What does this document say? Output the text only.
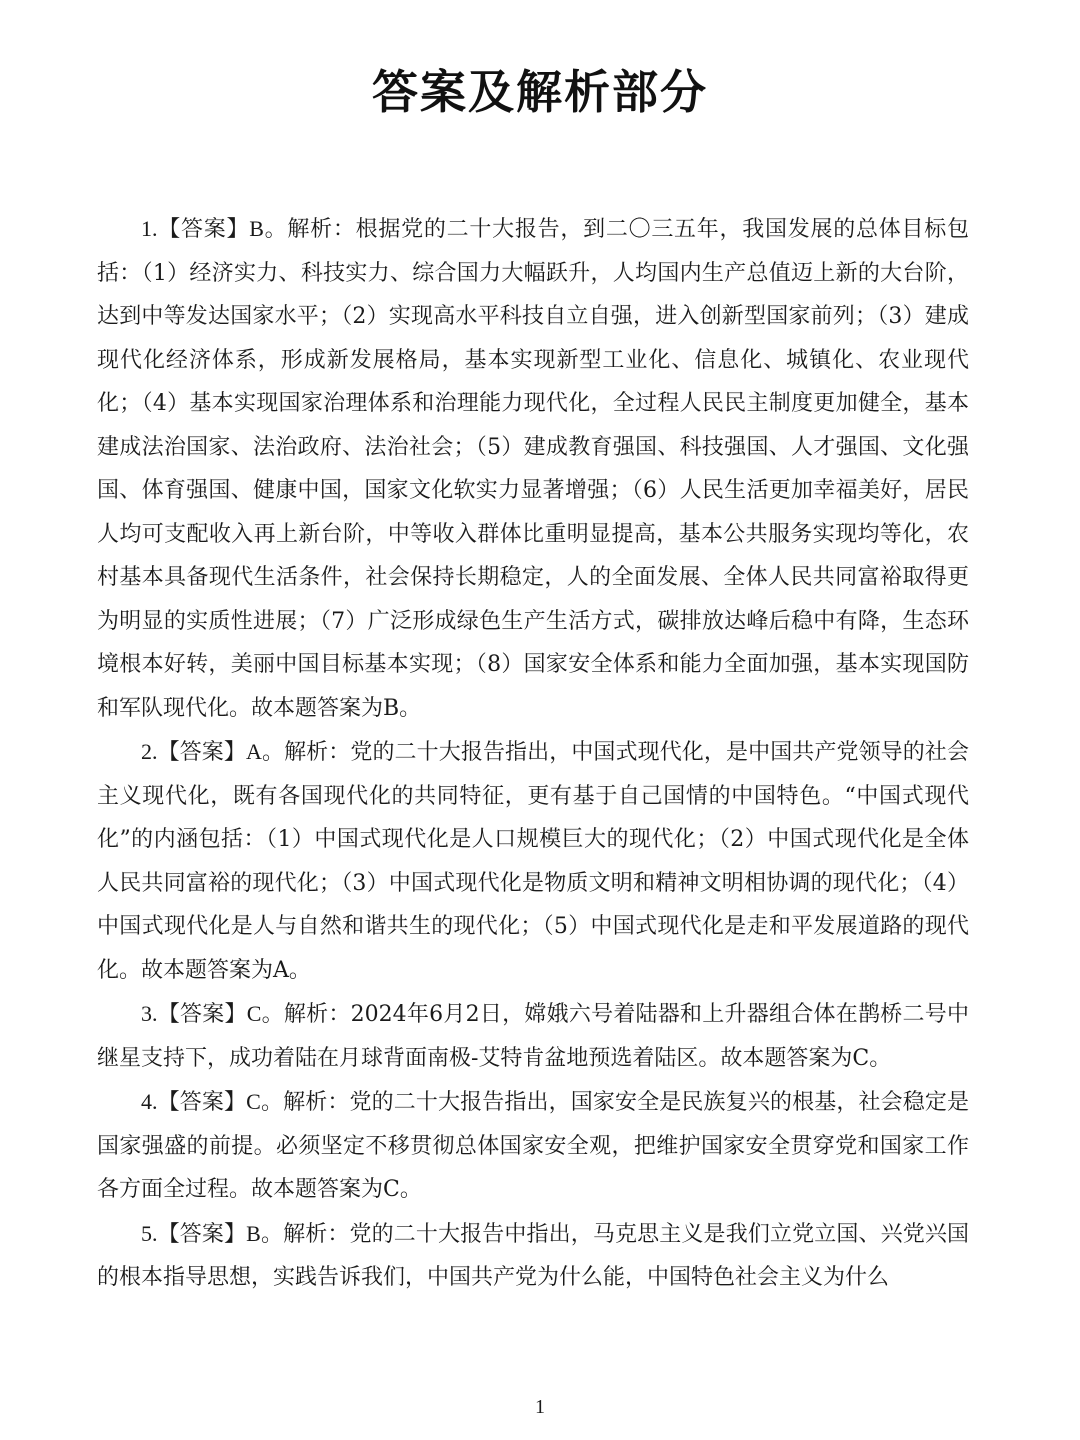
答案及解析部分

1.【答案】B。解析：根据党的二十大报告，到二〇三五年，我国发展的总体目标包括：（1）经济实力、科技实力、综合国力大幅跃升，人均国内生产总值迈上新的大台阶，达到中等发达国家水平；（2）实现高水平科技自立自强，进入创新型国家前列；（3）建成现代化经济体系，形成新发展格局，基本实现新型工业化、信息化、城镇化、农业现代化；（4）基本实现国家治理体系和治理能力现代化，全过程人民民主制度更加健全，基本建成法治国家、法治政府、法治社会；（5）建成教育强国、科技强国、人才强国、文化强国、体育强国、健康中国，国家文化软实力显著增强；（6）人民生活更加幸福美好，居民人均可支配收入再上新台阶，中等收入群体比重明显提高，基本公共服务实现均等化，农村基本具备现代生活条件，社会保持长期稳定，人的全面发展、全体人民共同富裕取得更为明显的实质性进展；（7）广泛形成绿色生产生活方式，碳排放达峰后稳中有降，生态环境根本好转，美丽中国目标基本实现；（8）国家安全体系和能力全面加强，基本实现国防和军队现代化。故本题答案为B。

2.【答案】A。解析：党的二十大报告指出，中国式现代化，是中国共产党领导的社会主义现代化，既有各国现代化的共同特征，更有基于自己国情的中国特色。“中国式现代化”的内涵包括：（1）中国式现代化是人口规模巨大的现代化；（2）中国式现代化是全体人民共同富裕的现代化；（3）中国式现代化是物质文明和精神文明相协调的现代化；（4）中国式现代化是人与自然和谐共生的现代化；（5）中国式现代化是走和平发展道路的现代化。故本题答案为A。

3.【答案】C。解析：2024年6月2日，嫦娥六号着陆器和上升器组合体在鹊桥二号中继星支持下，成功着陆在月球背面南极-艾特肯盆地预选着陆区。故本题答案为C。

4.【答案】C。解析：党的二十大报告指出，国家安全是民族复兴的根基，社会稳定是国家强盛的前提。必须坚定不移贯彻总体国家安全观，把维护国家安全贯穿党和国家工作各方面全过程。故本题答案为C。

5.【答案】B。解析：党的二十大报告中指出，马克思主义是我们立党立国、兴党兴国的根本指导思想，实践告诉我们，中国共产党为什么能，中国特色社会主义为什么

1
